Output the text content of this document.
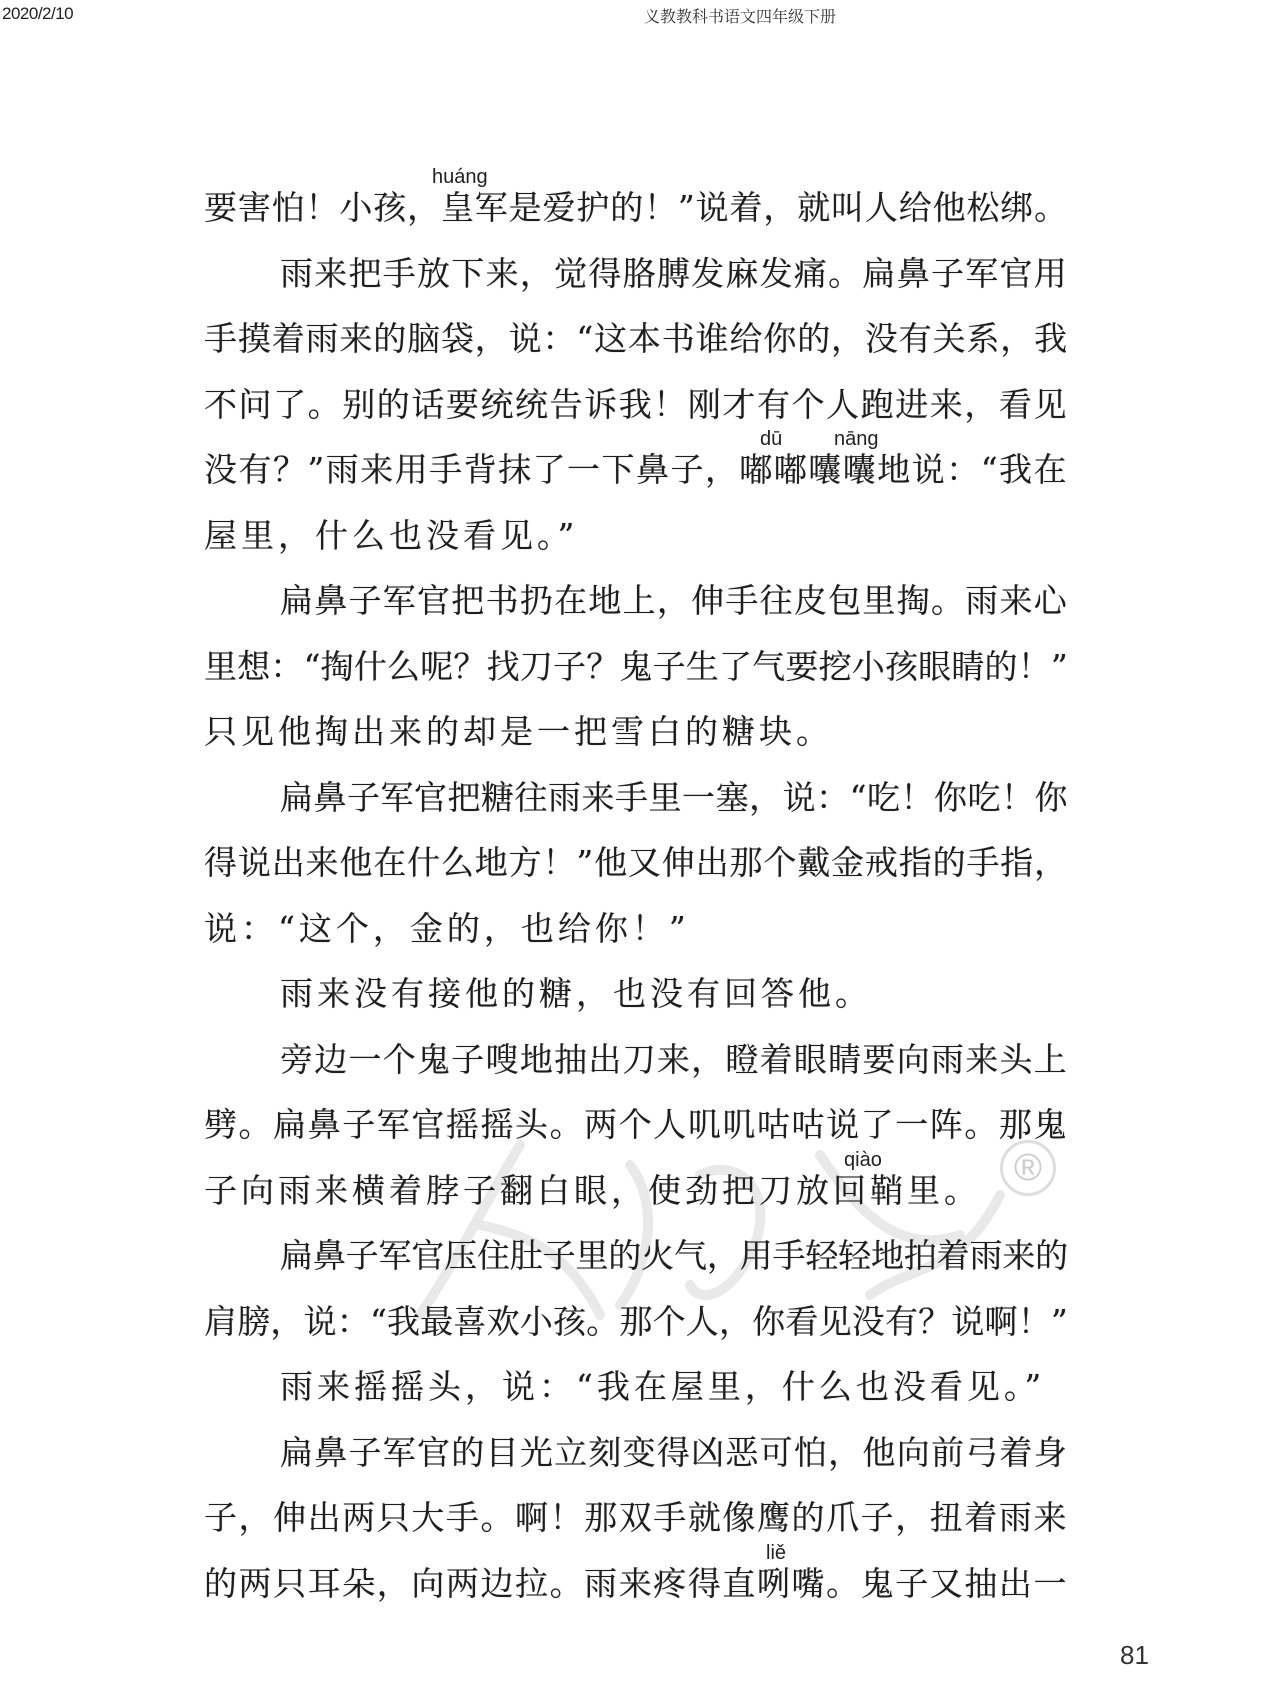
2020/2/10	义教教科书语文四年级下册
®
要害怕！小孩，皇军是爱护的！”说着，就叫人给他松绑。
huáng
雨来把手放下来，觉得胳膊发麻发痛。扁鼻子军官用
手摸着雨来的脑袋，说：“这本书谁给你的，没有关系，我
不问了。别的话要统统告诉我！刚才有个人跑进来，看见
没有？”雨来用手背抹了一下鼻子，嘟嘟囔囔地说：“我在
dū	nāng
屋里，什么也没看见。”
扁鼻子军官把书扔在地上，伸手往皮包里掏。雨来心
里想：“掏什么呢？找刀子？鬼子生了气要挖小孩眼睛的！”
只见他掏出来的却是一把雪白的糖块。
扁鼻子军官把糖往雨来手里一塞，说：“吃！你吃！你
得说出来他在什么地方！”他又伸出那个戴金戒指的手指，
说：“这个，金的，也给你！”
雨来没有接他的糖，也没有回答他。
旁边一个鬼子嗖地抽出刀来，瞪着眼睛要向雨来头上
劈。扁鼻子军官摇摇头。两个人叽叽咕咕说了一阵。那鬼
子向雨来横着脖子翻白眼，使劲把刀放回鞘里。
qiào
扁鼻子军官压住肚子里的火气，用手轻轻地拍着雨来的
肩膀，说：“我最喜欢小孩。那个人，你看见没有？说啊！”
雨来摇摇头，说：“我在屋里，什么也没看见。”
扁鼻子军官的目光立刻变得凶恶可怕，他向前弓着身
子，伸出两只大手。啊！那双手就像鹰的爪子，扭着雨来
的两只耳朵，向两边拉。雨来疼得直咧嘴。鬼子又抽出一
liě
81
